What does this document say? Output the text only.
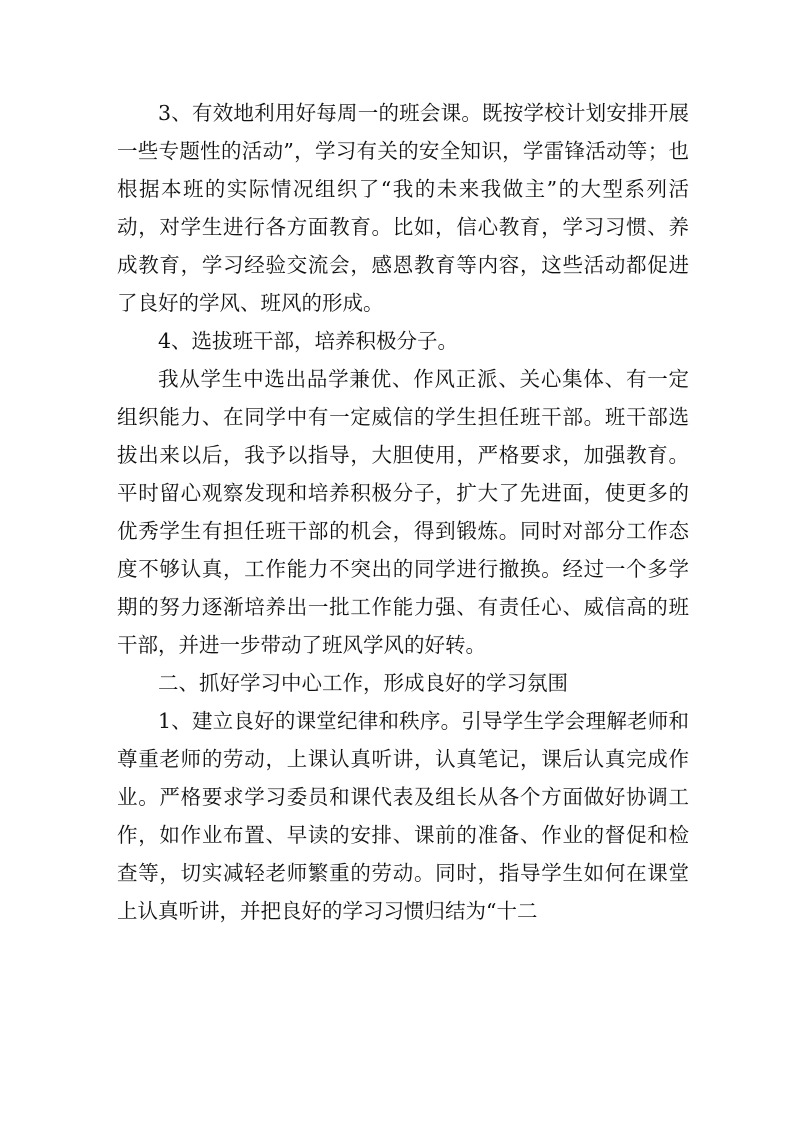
3、有效地利用好每周一的班会课。既按学校计划安排开展一些专题性的活动”，学习有关的安全知识，学雷锋活动等；也根据本班的实际情况组织了“我的未来我做主”的大型系列活动，对学生进行各方面教育。比如，信心教育，学习习惯、养成教育，学习经验交流会，感恩教育等内容，这些活动都促进了良好的学风、班风的形成。

4、选拔班干部，培养积极分子。

我从学生中选出品学兼优、作风正派、关心集体、有一定组织能力、在同学中有一定威信的学生担任班干部。班干部选拔出来以后，我予以指导，大胆使用，严格要求，加强教育。平时留心观察发现和培养积极分子，扩大了先进面，使更多的优秀学生有担任班干部的机会，得到锻炼。同时对部分工作态度不够认真，工作能力不突出的同学进行撤换。经过一个多学期的努力逐渐培养出一批工作能力强、有责任心、威信高的班干部，并进一步带动了班风学风的好转。

二、抓好学习中心工作，形成良好的学习氛围

1、建立良好的课堂纪律和秩序。引导学生学会理解老师和尊重老师的劳动，上课认真听讲，认真笔记，课后认真完成作业。严格要求学习委员和课代表及组长从各个方面做好协调工作，如作业布置、早读的安排、课前的准备、作业的督促和检查等，切实减轻老师繁重的劳动。同时，指导学生如何在课堂上认真听讲，并把良好的学习习惯归结为“十二
